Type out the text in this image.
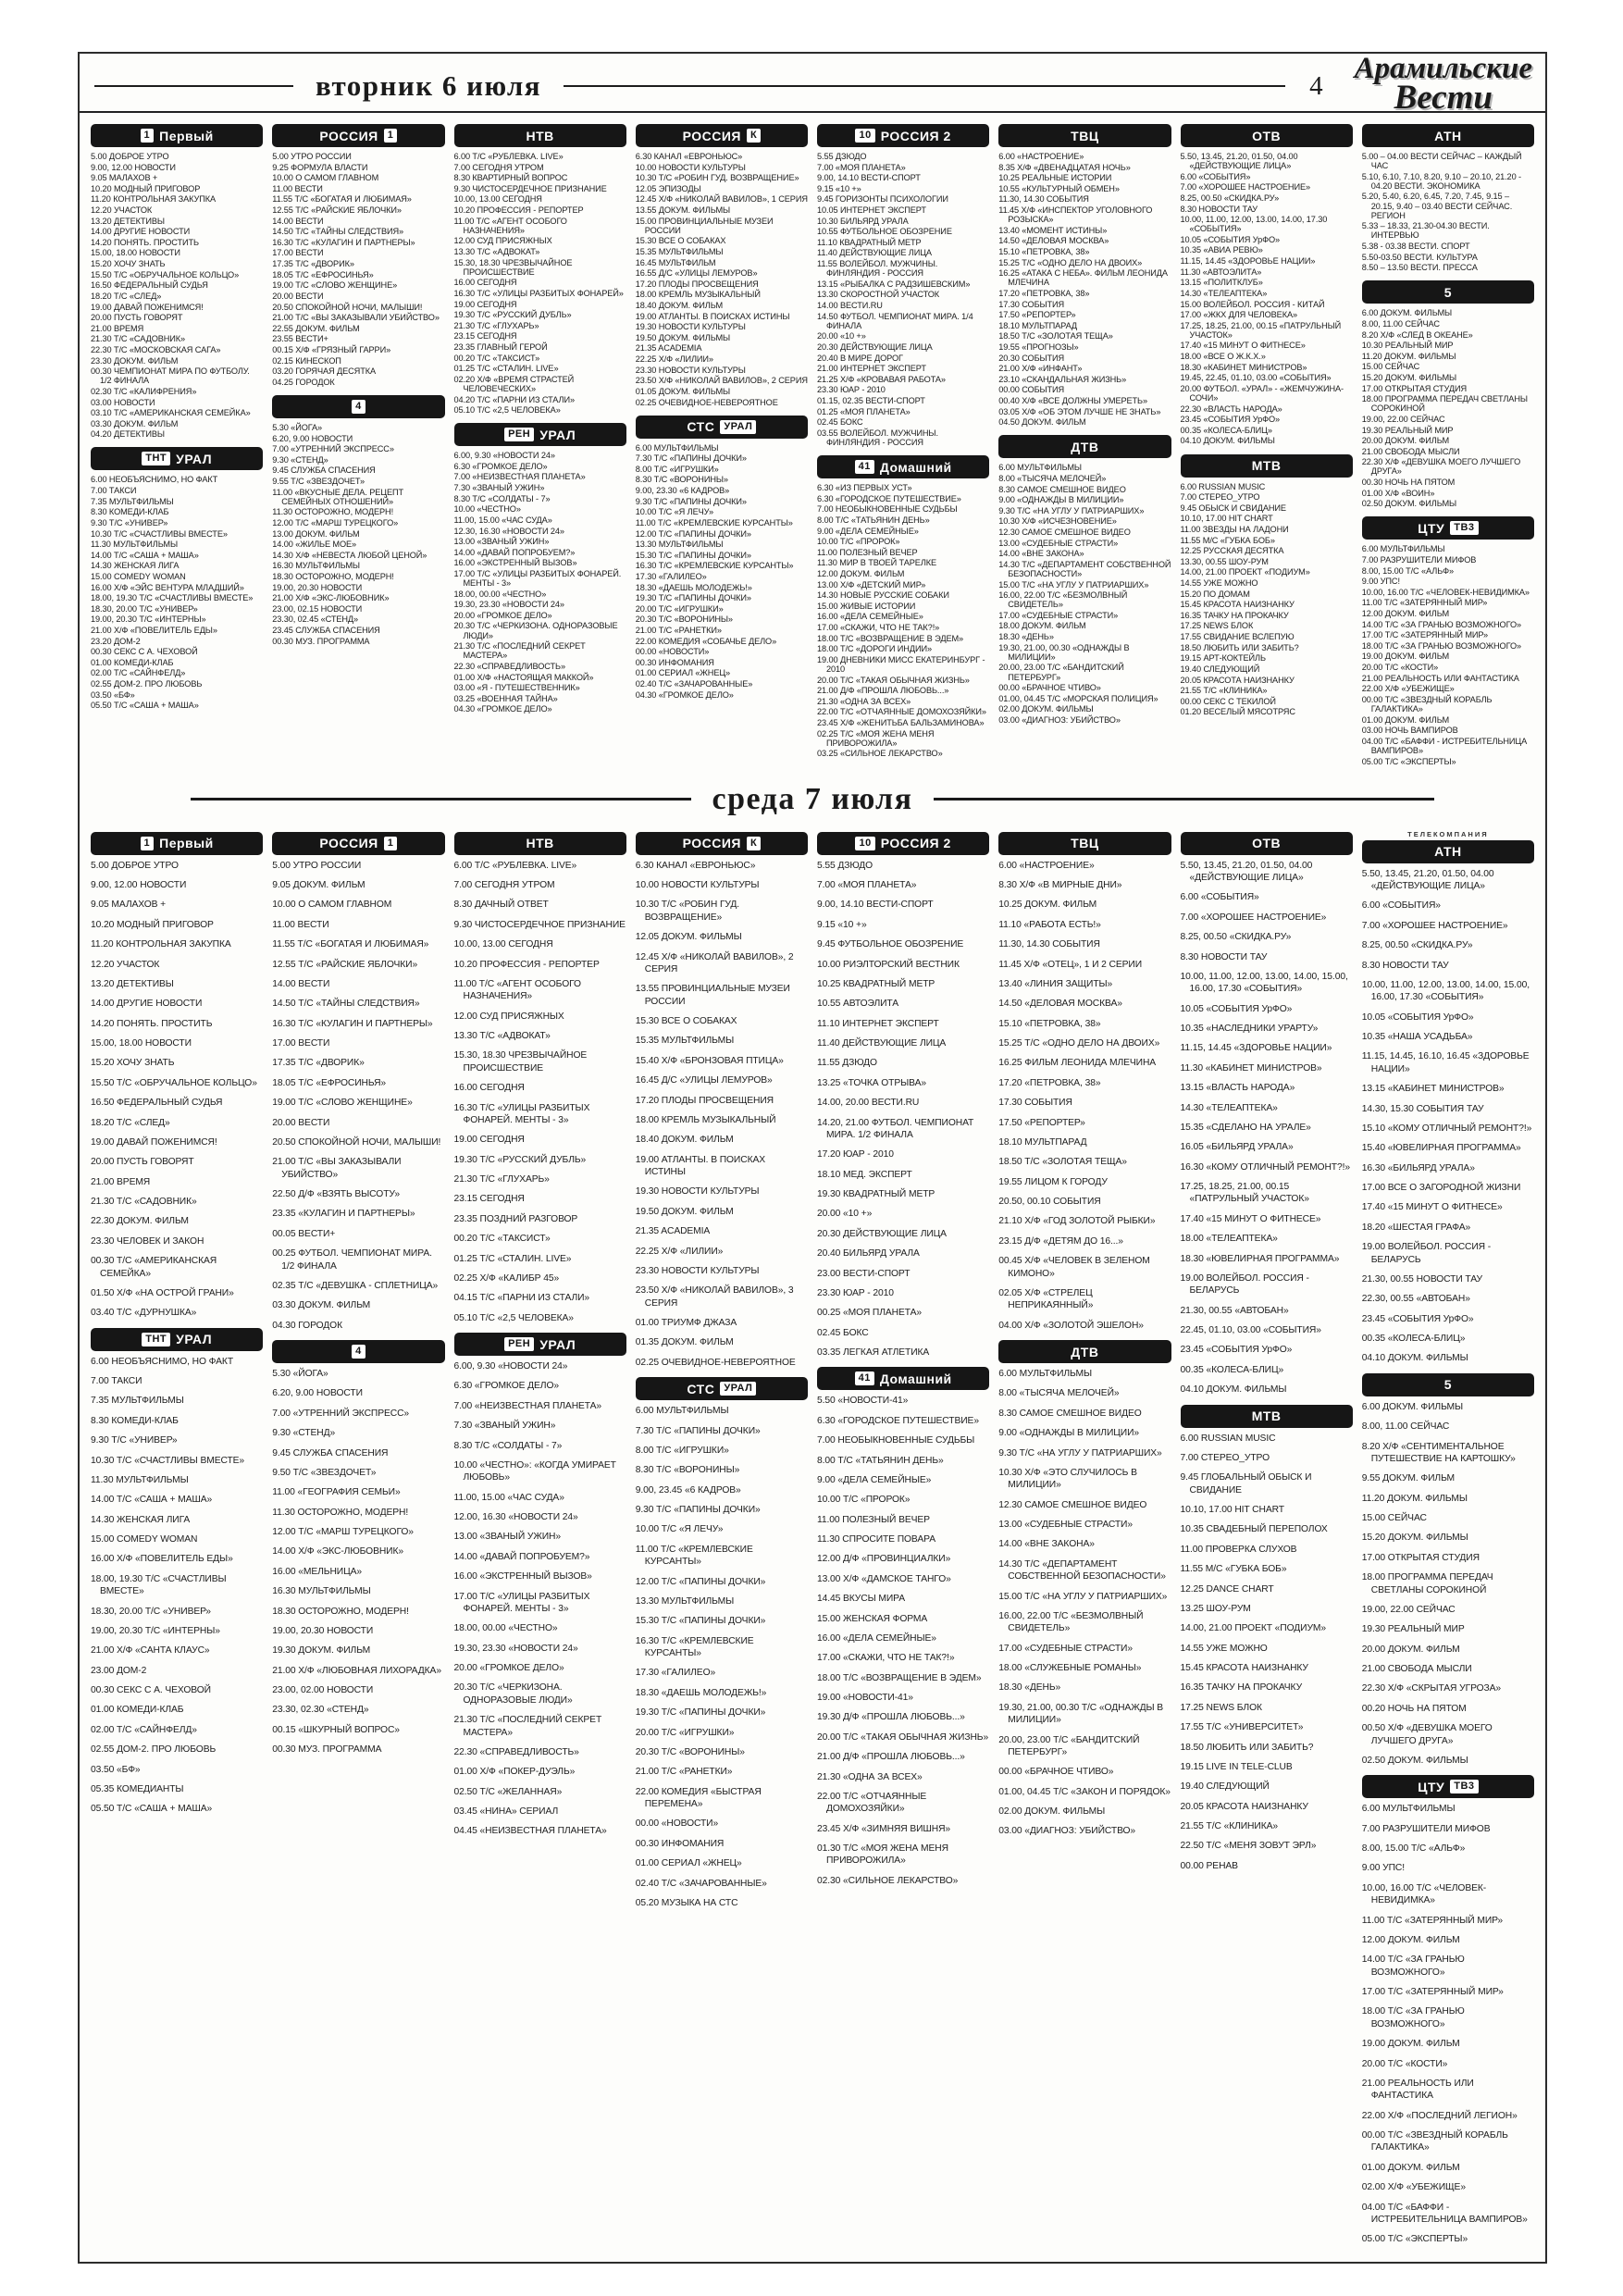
вторник 6 июля	4
Арамильские
Вести
1 Первый
5.00 ДОБРОЕ УТРО
9.00, 12.00 НОВОСТИ
9.05 МАЛАХОВ +
10.20 МОДНЫЙ ПРИГОВОР
11.20 КОНТРОЛЬНАЯ ЗАКУПКА
12.20 УЧАСТОК
13.20 ДЕТЕКТИВЫ
14.00 ДРУГИЕ НОВОСТИ
14.20 ПОНЯТЬ. ПРОСТИТЬ
15.00, 18.00 НОВОСТИ
15.20 ХОЧУ ЗНАТЬ
15.50 Т/С «ОБРУЧАЛЬНОЕ КОЛЬЦО»
16.50 ФЕДЕРАЛЬНЫЙ СУДЬЯ
18.20 Т/С «СЛЕД»
19.00 ДАВАЙ ПОЖЕНИМСЯ!
20.00 ПУСТЬ ГОВОРЯТ
21.00 ВРЕМЯ
21.30 Т/С «САДОВНИК»
22.30 Т/С «МОСКОВСКАЯ САГА»
23.30 ДОКУМ. ФИЛЬМ
00.30 ЧЕМПИОНАТ МИРА ПО ФУТБОЛУ. 1/2 ФИНАЛА
02.30 Т/С «КАЛИФРЕНИЯ»
03.00 НОВОСТИ
03.10 Т/С «АМЕРИКАНСКАЯ СЕМЕЙКА»
03.30 ДОКУМ. ФИЛЬМ
04.20 ДЕТЕКТИВЫ
ТНТ УРАЛ
6.00 НЕОБЪЯСНИМО, НО ФАКТ
7.00 ТАКСИ
7.35 МУЛЬТФИЛЬМЫ
8.30 КОМЕДИ-КЛАБ
9.30 Т/С «УНИВЕР»
10.30 Т/С «СЧАСТЛИВЫ ВМЕСТЕ»
11.30 МУЛЬТФИЛЬМЫ
14.00 Т/С «САША + МАША»
14.30 ЖЕНСКАЯ ЛИГА
15.00 COMEDY WOMAN
16.00 Х/Ф «ЭЙС ВЕНТУРА МЛАДШИЙ»
18.00, 19.30 Т/С «СЧАСТЛИВЫ ВМЕСТЕ»
18.30, 20.00 Т/С «УНИВЕР»
19.00, 20.30 Т/С «ИНТЕРНЫ»
21.00 Х/Ф «ПОВЕЛИТЕЛЬ ЕДЫ»
23.20 ДОМ-2
00.30 СЕКС С А. ЧЕХОВОЙ
01.00 КОМЕДИ-КЛАБ
02.00 Т/С «САЙНФЕЛД»
02.55 ДОМ-2. ПРО ЛЮБОВЬ
03.50 «БФ»
05.50 Т/С «САША + МАША»
РОССИЯ 1
5.00 УТРО РОССИИ
9.25 ФОРМУЛА ВЛАСТИ
10.00 О САМОМ ГЛАВНОМ
11.00 ВЕСТИ
11.55 Т/С «БОГАТАЯ И ЛЮБИМАЯ»
12.55 Т/С «РАЙСКИЕ ЯБЛОЧКИ»
14.00 ВЕСТИ
14.50 Т/С «ТАЙНЫ СЛЕДСТВИЯ»
16.30 Т/С «КУЛАГИН И ПАРТНЕРЫ»
17.00 ВЕСТИ
17.35 Т/С «ДВОРИК»
18.05 Т/С «ЕФРОСИНЬЯ»
19.00 Т/С «СЛОВО ЖЕНЩИНЕ»
20.00 ВЕСТИ
20.50 СПОКОЙНОЙ НОЧИ, МАЛЫШИ!
21.00 Т/С «ВЫ ЗАКАЗЫВАЛИ УБИЙСТВО»
22.55 ДОКУМ. ФИЛЬМ
23.55 ВЕСТИ+
00.15 Х/Ф «ГРЯЗНЫЙ ГАРРИ»
02.15 КИНЕСКОП
03.20 ГОРЯЧАЯ ДЕСЯТКА
04.25 ГОРОДОК
4
5.30 «ЙОГА»
6.20, 9.00 НОВОСТИ
7.00 «УТРЕННИЙ ЭКСПРЕСС»
9.30 «СТЕНД»
9.45 СЛУЖБА СПАСЕНИЯ
9.55 Т/С «ЗВЕЗДОЧЕТ»
11.00 «ВКУСНЫЕ ДЕЛА. РЕЦЕПТ СЕМЕЙНЫХ ОТНОШЕНИЙ»
11.30 ОСТОРОЖНО, МОДЕРН!
12.00 Т/С «МАРШ ТУРЕЦКОГО»
13.00 ДОКУМ. ФИЛЬМ
14.00 «ЖИЛЬЕ МОЕ»
14.30 Х/Ф «НЕВЕСТА ЛЮБОЙ ЦЕНОЙ»
16.30 МУЛЬТФИЛЬМЫ
18.30 ОСТОРОЖНО, МОДЕРН!
19.00, 20.30 НОВОСТИ
21.00 Х/Ф «ЭКС-ЛЮБОВНИК»
23.00, 02.15 НОВОСТИ
23.30, 02.45 «СТЕНД»
23.45 СЛУЖБА СПАСЕНИЯ
00.30 МУЗ. ПРОГРАММА
НТВ
6.00 Т/С «РУБЛЕВКА. LIVE»
7.00 СЕГОДНЯ УТРОМ
8.30 КВАРТИРНЫЙ ВОПРОС
9.30 ЧИСТОСЕРДЕЧНОЕ ПРИЗНАНИЕ
10.00, 13.00 СЕГОДНЯ
10.20 ПРОФЕССИЯ - РЕПОРТЕР
11.00 Т/С «АГЕНТ ОСОБОГО НАЗНАЧЕНИЯ»
12.00 СУД ПРИСЯЖНЫХ
13.30 Т/С «АДВОКАТ»
15.30, 18.30 ЧРЕЗВЫЧАЙНОЕ ПРОИСШЕСТВИЕ
16.00 СЕГОДНЯ
16.30 Т/С «УЛИЦЫ РАЗБИТЫХ ФОНАРЕЙ»
19.00 СЕГОДНЯ
19.30 Т/С «РУССКИЙ ДУБЛЬ»
21.30 Т/С «ГЛУХАРЬ»
23.15 СЕГОДНЯ
23.35 ГЛАВНЫЙ ГЕРОЙ
00.20 Т/С «ТАКСИСТ»
01.25 Т/С «СТАЛИН. LIVE»
02.20 Х/Ф «ВРЕМЯ СТРАСТЕЙ ЧЕЛОВЕЧЕСКИХ»
04.20 Т/С «ПАРНИ ИЗ СТАЛИ»
05.10 Т/С «2,5 ЧЕЛОВЕКА»
РЕН УРАЛ
6.00, 9.30 «НОВОСТИ 24»
6.30 «ГРОМКОЕ ДЕЛО»
7.00 «НЕИЗВЕСТНАЯ ПЛАНЕТА»
7.30 «ЗВАНЫЙ УЖИН»
8.30 Т/С «СОЛДАТЫ - 7»
10.00 «ЧЕСТНО»
11.00, 15.00 «ЧАС СУДА»
12.30, 16.30 «НОВОСТИ 24»
13.00 «ЗВАНЫЙ УЖИН»
14.00 «ДАВАЙ ПОПРОБУЕМ?»
16.00 «ЭКСТРЕННЫЙ ВЫЗОВ»
17.00 Т/С «УЛИЦЫ РАЗБИТЫХ ФОНАРЕЙ. МЕНТЫ - 3»
18.00, 00.00 «ЧЕСТНО»
19.30, 23.30 «НОВОСТИ 24»
20.00 «ГРОМКОЕ ДЕЛО»
20.30 Т/С «ЧЕРКИЗОНА. ОДНОРАЗОВЫЕ ЛЮДИ»
21.30 Т/С «ПОСЛЕДНИЙ СЕКРЕТ МАСТЕРА»
22.30 «СПРАВЕДЛИВОСТЬ»
01.00 Х/Ф «НАСТОЯЩАЯ МАККОЙ»
03.00 «Я - ПУТЕШЕСТВЕННИК»
03.25 «ВОЕННАЯ ТАЙНА»
04.30 «ГРОМКОЕ ДЕЛО»
РОССИЯ К
6.30 КАНАЛ «ЕВРОНЬЮС»
10.00 НОВОСТИ КУЛЬТУРЫ
10.30 Т/С «РОБИН ГУД. ВОЗВРАЩЕНИЕ»
12.05 ЭПИЗОДЫ
12.45 Х/Ф «НИКОЛАЙ ВАВИЛОВ», 1 СЕРИЯ
13.55 ДОКУМ. ФИЛЬМЫ
15.00 ПРОВИНЦИАЛЬНЫЕ МУЗЕИ РОССИИ
15.30 ВСЕ О СОБАКАХ
15.35 МУЛЬТФИЛЬМЫ
16.45 МУЛЬТФИЛЬМ
16.55 Д/С «УЛИЦЫ ЛЕМУРОВ»
17.20 ПЛОДЫ ПРОСВЕЩЕНИЯ
18.00 КРЕМЛЬ МУЗЫКАЛЬНЫЙ
18.40 ДОКУМ. ФИЛЬМ
19.00 АТЛАНТЫ. В ПОИСКАХ ИСТИНЫ
19.30 НОВОСТИ КУЛЬТУРЫ
19.50 ДОКУМ. ФИЛЬМЫ
21.35 ACADEMIA
22.25 Х/Ф «ЛИЛИИ»
23.30 НОВОСТИ КУЛЬТУРЫ
23.50 Х/Ф «НИКОЛАЙ ВАВИЛОВ», 2 СЕРИЯ
01.05 ДОКУМ. ФИЛЬМЫ
02.25 ОЧЕВИДНОЕ-НЕВЕРОЯТНОЕ
СТС УРАЛ
6.00 МУЛЬТФИЛЬМЫ
7.30 Т/С «ПАПИНЫ ДОЧКИ»
8.00 Т/С «ИГРУШКИ»
8.30 Т/С «ВОРОНИНЫ»
9.00, 23.30 «6 КАДРОВ»
9.30 Т/С «ПАПИНЫ ДОЧКИ»
10.00 Т/С «Я ЛЕЧУ»
11.00 Т/С «КРЕМЛЕВСКИЕ КУРСАНТЫ»
12.00 Т/С «ПАПИНЫ ДОЧКИ»
13.30 МУЛЬТФИЛЬМЫ
15.30 Т/С «ПАПИНЫ ДОЧКИ»
16.30 Т/С «КРЕМЛЕВСКИЕ КУРСАНТЫ»
17.30 «ГАЛИЛЕО»
18.30 «ДАЕШЬ МОЛОДЕЖЬ!»
19.30 Т/С «ПАПИНЫ ДОЧКИ»
20.00 Т/С «ИГРУШКИ»
20.30 Т/С «ВОРОНИНЫ»
21.00 Т/С «РАНЕТКИ»
22.00 КОМЕДИЯ «СОБАЧЬЕ ДЕЛО»
00.00 «НОВОСТИ»
00.30 ИНФОМАНИЯ
01.00 СЕРИАЛ «ЖНЕЦ»
02.40 Т/С «ЗАЧАРОВАННЫЕ»
04.30 «ГРОМКОЕ ДЕЛО»
10 РОССИЯ 2
5.55 ДЗЮДО
7.00 «МОЯ ПЛАНЕТА»
9.00, 14.10 ВЕСТИ-СПОРТ
9.15 «10 +»
9.45 ГОРИЗОНТЫ ПСИХОЛОГИИ
10.05 ИНТЕРНЕТ ЭКСПЕРТ
10.30 БИЛЬЯРД УРАЛА
10.55 ФУТБОЛЬНОЕ ОБОЗРЕНИЕ
11.10 КВАДРАТНЫЙ МЕТР
11.40 ДЕЙСТВУЮЩИЕ ЛИЦА
11.55 ВОЛЕЙБОЛ. МУЖЧИНЫ. ФИНЛЯНДИЯ - РОССИЯ
13.15 «РЫБАЛКА С РАДЗИШЕВСКИМ»
13.30 СКОРОСТНОЙ УЧАСТОК
14.00 ВЕСТИ.RU
14.50 ФУТБОЛ. ЧЕМПИОНАТ МИРА. 1/4 ФИНАЛА
20.00 «10 +»
20.30 ДЕЙСТВУЮЩИЕ ЛИЦА
20.40 В МИРЕ ДОРОГ
21.00 ИНТЕРНЕТ ЭКСПЕРТ
21.25 Х/Ф «КРОВАВАЯ РАБОТА»
23.30 ЮАР - 2010
01.15, 02.35 ВЕСТИ-СПОРТ
01.25 «МОЯ ПЛАНЕТА»
02.45 БОКС
03.55 ВОЛЕЙБОЛ. МУЖЧИНЫ. ФИНЛЯНДИЯ - РОССИЯ
41 Домашний
6.30 «ИЗ ПЕРВЫХ УСТ»
6.30 «ГОРОДСКОЕ ПУТЕШЕСТВИЕ»
7.00 НЕОБЫКНОВЕННЫЕ СУДЬБЫ
8.00 Т/С «ТАТЬЯНИН ДЕНЬ»
9.00 «ДЕЛА СЕМЕЙНЫЕ»
10.00 Т/С «ПРОРОК»
11.00 ПОЛЕЗНЫЙ ВЕЧЕР
11.30 МИР В ТВОЕЙ ТАРЕЛКЕ
12.00 ДОКУМ. ФИЛЬМ
13.00 Х/Ф «ДЕТСКИЙ МИР»
14.30 НОВЫЕ РУССКИЕ СОБАКИ
15.00 ЖИВЫЕ ИСТОРИИ
16.00 «ДЕЛА СЕМЕЙНЫЕ»
17.00 «СКАЖИ, ЧТО НЕ ТАК?!»
18.00 Т/С «ВОЗВРАЩЕНИЕ В ЭДЕМ»
18.00 Т/С «ДОРОГИ ИНДИИ»
19.00 ДНЕВНИКИ МИСС ЕКАТЕРИНБУРГ - 2010
20.00 Т/С «ТАКАЯ ОБЫЧНАЯ ЖИЗНЬ»
21.00 Д/Ф «ПРОШЛА ЛЮБОВЬ...»
21.30 «ОДНА ЗА ВСЕХ»
22.00 Т/С «ОТЧАЯННЫЕ ДОМОХОЗЯЙКИ»
23.45 Х/Ф «ЖЕНИТЬБА БАЛЬЗАМИНОВА»
02.25 Т/С «МОЯ ЖЕНА МЕНЯ ПРИВОРОЖИЛА»
03.25 «СИЛЬНОЕ ЛЕКАРСТВО»
ТВЦ
6.00 «НАСТРОЕНИЕ»
8.35 Х/Ф «ДВЕНАДЦАТАЯ НОЧЬ»
10.25 РЕАЛЬНЫЕ ИСТОРИИ
10.55 «КУЛЬТУРНЫЙ ОБМЕН»
11.30, 14.30 СОБЫТИЯ
11.45 Х/Ф «ИНСПЕКТОР УГОЛОВНОГО РОЗЫСКА»
13.40 «МОМЕНТ ИСТИНЫ»
14.50 «ДЕЛОВАЯ МОСКВА»
15.10 «ПЕТРОВКА, 38»
15.25 Т/С «ОДНО ДЕЛО НА ДВОИХ»
16.25 «АТАКА С НЕБА». ФИЛЬМ ЛЕОНИДА МЛЕЧИНА
17.20 «ПЕТРОВКА, 38»
17.30 СОБЫТИЯ
17.50 «РЕПОРТЕР»
18.10 МУЛЬТПАРАД
18.50 Т/С «ЗОЛОТАЯ ТЕЩА»
19.55 «ПРОГНОЗЫ»
20.30 СОБЫТИЯ
21.00 Х/Ф «ИНФАНТ»
23.10 «СКАНДАЛЬНАЯ ЖИЗНЬ»
00.00 СОБЫТИЯ
00.40 Х/Ф «ВСЕ ДОЛЖНЫ УМЕРЕТЬ»
03.05 Х/Ф «ОБ ЭТОМ ЛУЧШЕ НЕ ЗНАТЬ»
04.50 ДОКУМ. ФИЛЬМ
ДТВ
6.00 МУЛЬТФИЛЬМЫ
8.00 «ТЫСЯЧА МЕЛОЧЕЙ»
8.30 САМОЕ СМЕШНОЕ ВИДЕО
9.00 «ОДНАЖДЫ В МИЛИЦИИ»
9.30 Т/С «НА УГЛУ У ПАТРИАРШИХ»
10.30 Х/Ф «ИСЧЕЗНОВЕНИЕ»
12.30 САМОЕ СМЕШНОЕ ВИДЕО
13.00 «СУДЕБНЫЕ СТРАСТИ»
14.00 «ВНЕ ЗАКОНА»
14.30 Т/С «ДЕПАРТАМЕНТ СОБСТВЕННОЙ БЕЗОПАСНОСТИ»
15.00 Т/С «НА УГЛУ У ПАТРИАРШИХ»
16.00, 22.00 Т/С «БЕЗМОЛВНЫЙ СВИДЕТЕЛЬ»
17.00 «СУДЕБНЫЕ СТРАСТИ»
18.00 ДОКУМ. ФИЛЬМ
18.30 «ДЕНЬ»
19.30, 21.00, 00.30 «ОДНАЖДЫ В МИЛИЦИИ»
20.00, 23.00 Т/С «БАНДИТСКИЙ ПЕТЕРБУРГ»
00.00 «БРАЧНОЕ ЧТИВО»
01.00, 04.45 Т/С «МОРСКАЯ ПОЛИЦИЯ»
02.00 ДОКУМ. ФИЛЬМЫ
03.00 «ДИАГНОЗ: УБИЙСТВО»
ОТВ
5.50, 13.45, 21.20, 01.50, 04.00 «ДЕЙСТВУЮЩИЕ ЛИЦА»
6.00 «СОБЫТИЯ»
7.00 «ХОРОШЕЕ НАСТРОЕНИЕ»
8.25, 00.50 «СКИДКА.РУ»
8.30 НОВОСТИ ТАУ
10.00, 11.00, 12.00, 13.00, 14.00, 17.30 «СОБЫТИЯ»
10.05 «СОБЫТИЯ УрФО»
10.35 «АВИА РЕВЮ»
11.15, 14.45 «ЗДОРОВЬЕ НАЦИИ»
11.30 «АВТОЭЛИТА»
13.15 «ПОЛИТКЛУБ»
14.30 «ТЕЛЕАПТЕКА»
15.00 ВОЛЕЙБОЛ. РОССИЯ - КИТАЙ
17.00 «ЖКХ ДЛЯ ЧЕЛОВЕКА»
17.25, 18.25, 21.00, 00.15 «ПАТРУЛЬНЫЙ УЧАСТОК»
17.40 «15 МИНУТ О ФИТНЕСЕ»
18.00 «ВСЕ О Ж.К.Х.»
18.30 «КАБИНЕТ МИНИСТРОВ»
19.45, 22.45, 01.10, 03.00 «СОБЫТИЯ»
20.00 ФУТБОЛ. «УРАЛ» - «ЖЕМЧУЖИНА-СОЧИ»
22.30 «ВЛАСТЬ НАРОДА»
23.45 «СОБЫТИЯ УрФО»
00.35 «КОЛЕСА-БЛИЦ»
04.10 ДОКУМ. ФИЛЬМЫ
МТВ
6.00 RUSSIAN MUSIC
7.00 СТЕРЕО_УТРО
9.45 ОБЫСК И СВИДАНИЕ
10.10, 17.00 HIT CHART
11.00 ЗВЕЗДЫ НА ЛАДОНИ
11.55 М/С «ГУБКА БОБ»
12.25 РУССКАЯ ДЕСЯТКА
13.30, 00.55 ШОУ-РУМ
14.00, 21.00 ПРОЕКТ «ПОДИУМ»
14.55 УЖЕ МОЖНО
15.20 ПО ДОМАМ
15.45 КРАСОТА НАИЗНАНКУ
16.35 ТАЧКУ НА ПРОКАЧКУ
17.25 NEWS БЛОК
17.55 СВИДАНИЕ ВСЛЕПУЮ
18.50 ЛЮБИТЬ ИЛИ ЗАБИТЬ?
19.15 АРТ-КОКТЕЙЛЬ
19.40 СЛЕДУЮЩИЙ
20.05 КРАСОТА НАИЗНАНКУ
21.55 Т/С «КЛИНИКА»
00.00 СЕКС С ТЕКИЛОЙ
01.20 ВЕСЕЛЫЙ МЯСОТРЯС
АТН
5.00 – 04.00 ВЕСТИ СЕЙЧАС – КАЖДЫЙ ЧАС
5.10, 6.10, 7.10, 8.20, 9.10 – 20.10, 21.20 - 04.20 ВЕСТИ. ЭКОНОМИКА
5.20, 5.40, 6.20, 6.45, 7.20, 7.45, 9.15 – 20.15, 9.40 – 03.40 ВЕСТИ СЕЙЧАС. РЕГИОН
5.33 – 18.33, 21.30-04.30 ВЕСТИ. ИНТЕРВЬЮ
5.38 - 03.38 ВЕСТИ. СПОРТ
5.50-03.50 ВЕСТИ. КУЛЬТУРА
8.50 – 13.50 ВЕСТИ. ПРЕССА
5
6.00 ДОКУМ. ФИЛЬМЫ
8.00, 11.00 СЕЙЧАС
8.20 Х/Ф «СЛЕД В ОКЕАНЕ»
10.30 РЕАЛЬНЫЙ МИР
11.20 ДОКУМ. ФИЛЬМЫ
15.00 СЕЙЧАС
15.20 ДОКУМ. ФИЛЬМЫ
17.00 ОТКРЫТАЯ СТУДИЯ
18.00 ПРОГРАММА ПЕРЕДАЧ СВЕТЛАНЫ СОРОКИНОЙ
19.00, 22.00 СЕЙЧАС
19.30 РЕАЛЬНЫЙ МИР
20.00 ДОКУМ. ФИЛЬМ
21.00 СВОБОДА МЫСЛИ
22.30 Х/Ф «ДЕВУШКА МОЕГО ЛУЧШЕГО ДРУГА»
00.30 НОЧЬ НА ПЯТОМ
01.00 Х/Ф «ВОИН»
02.50 ДОКУМ. ФИЛЬМЫ
ЦТУ ТВ3
6.00 МУЛЬТФИЛЬМЫ
7.00 РАЗРУШИТЕЛИ МИФОВ
8.00, 15.00 Т/С «АЛЬФ»
9.00 УПС!
10.00, 16.00 Т/С «ЧЕЛОВЕК-НЕВИДИМКА»
11.00 Т/С «ЗАТЕРЯННЫЙ МИР»
12.00 ДОКУМ. ФИЛЬМ
14.00 Т/С «ЗА ГРАНЬЮ ВОЗМОЖНОГО»
17.00 Т/С «ЗАТЕРЯННЫЙ МИР»
18.00 Т/С «ЗА ГРАНЬЮ ВОЗМОЖНОГО»
19.00 ДОКУМ. ФИЛЬМ
20.00 Т/С «КОСТИ»
21.00 РЕАЛЬНОСТЬ ИЛИ ФАНТАСТИКА
22.00 Х/Ф «УБЕЖИЩЕ»
00.00 Т/С «ЗВЕЗДНЫЙ КОРАБЛЬ ГАЛАКТИКА»
01.00 ДОКУМ. ФИЛЬМ
03.00 НОЧЬ ВАМПИРОВ
04.00 Т/С «БАФФИ - ИСТРЕБИТЕЛЬНИЦА ВАМПИРОВ»
05.00 Т/С «ЭКСПЕРТЫ»
среда 7 июля
1 Первый
5.00 ДОБРОЕ УТРО
9.00, 12.00 НОВОСТИ
9.05 МАЛАХОВ +
10.20 МОДНЫЙ ПРИГОВОР
11.20 КОНТРОЛЬНАЯ ЗАКУПКА
12.20 УЧАСТОК
13.20 ДЕТЕКТИВЫ
14.00 ДРУГИЕ НОВОСТИ
14.20 ПОНЯТЬ. ПРОСТИТЬ
15.00, 18.00 НОВОСТИ
15.20 ХОЧУ ЗНАТЬ
15.50 Т/С «ОБРУЧАЛЬНОЕ КОЛЬЦО»
16.50 ФЕДЕРАЛЬНЫЙ СУДЬЯ
18.20 Т/С «СЛЕД»
19.00 ДАВАЙ ПОЖЕНИМСЯ!
20.00 ПУСТЬ ГОВОРЯТ
21.00 ВРЕМЯ
21.30 Т/С «САДОВНИК»
22.30 ДОКУМ. ФИЛЬМ
23.30 ЧЕЛОВЕК И ЗАКОН
00.30 Т/С «АМЕРИКАНСКАЯ СЕМЕЙКА»
01.50 Х/Ф «НА ОСТРОЙ ГРАНИ»
03.40 Т/С «ДУРНУШКА»
ТНТ УРАЛ
6.00 НЕОБЪЯСНИМО, НО ФАКТ
7.00 ТАКСИ
7.35 МУЛЬТФИЛЬМЫ
8.30 КОМЕДИ-КЛАБ
9.30 Т/С «УНИВЕР»
10.30 Т/С «СЧАСТЛИВЫ ВМЕСТЕ»
11.30 МУЛЬТФИЛЬМЫ
14.00 Т/С «САША + МАША»
14.30 ЖЕНСКАЯ ЛИГА
15.00 COMEDY WOMAN
16.00 Х/Ф «ПОВЕЛИТЕЛЬ ЕДЫ»
18.00, 19.30 Т/С «СЧАСТЛИВЫ ВМЕСТЕ»
18.30, 20.00 Т/С «УНИВЕР»
19.00, 20.30 Т/С «ИНТЕРНЫ»
21.00 Х/Ф «САНТА КЛАУС»
23.00 ДОМ-2
00.30 СЕКС С А. ЧЕХОВОЙ
01.00 КОМЕДИ-КЛАБ
02.00 Т/С «САЙНФЕЛД»
02.55 ДОМ-2. ПРО ЛЮБОВЬ
03.50 «БФ»
05.35 КОМЕДИАНТЫ
05.50 Т/С «САША + МАША»
РОССИЯ 1
5.00 УТРО РОССИИ
9.05 ДОКУМ. ФИЛЬМ
10.00 О САМОМ ГЛАВНОМ
11.00 ВЕСТИ
11.55 Т/С «БОГАТАЯ И ЛЮБИМАЯ»
12.55 Т/С «РАЙСКИЕ ЯБЛОЧКИ»
14.00 ВЕСТИ
14.50 Т/С «ТАЙНЫ СЛЕДСТВИЯ»
16.30 Т/С «КУЛАГИН И ПАРТНЕРЫ»
17.00 ВЕСТИ
17.35 Т/С «ДВОРИК»
18.05 Т/С «ЕФРОСИНЬЯ»
19.00 Т/С «СЛОВО ЖЕНЩИНЕ»
20.00 ВЕСТИ
20.50 СПОКОЙНОЙ НОЧИ, МАЛЫШИ!
21.00 Т/С «ВЫ ЗАКАЗЫВАЛИ УБИЙСТВО»
22.50 Д/Ф «ВЗЯТЬ ВЫСОТУ»
23.35 «КУЛАГИН И ПАРТНЕРЫ»
00.05 ВЕСТИ+
00.25 ФУТБОЛ. ЧЕМПИОНАТ МИРА. 1/2 ФИНАЛА
02.35 Т/С «ДЕВУШКА - СПЛЕТНИЦА»
03.30 ДОКУМ. ФИЛЬМ
04.30 ГОРОДОК
4
5.30 «ЙОГА»
6.20, 9.00 НОВОСТИ
7.00 «УТРЕННИЙ ЭКСПРЕСС»
9.30 «СТЕНД»
9.45 СЛУЖБА СПАСЕНИЯ
9.50 Т/С «ЗВЕЗДОЧЕТ»
11.00 «ГЕОГРАФИЯ СЕМЬИ»
11.30 ОСТОРОЖНО, МОДЕРН!
12.00 Т/С «МАРШ ТУРЕЦКОГО»
14.00 Х/Ф «ЭКС-ЛЮБОВНИК»
16.00 «МЕЛЬНИЦА»
16.30 МУЛЬТФИЛЬМЫ
18.30 ОСТОРОЖНО, МОДЕРН!
19.00, 20.30 НОВОСТИ
19.30 ДОКУМ. ФИЛЬМ
21.00 Х/Ф «ЛЮБОВНАЯ ЛИХОРАДКА»
23.00, 02.00 НОВОСТИ
23.30, 02.30 «СТЕНД»
00.15 «ШКУРНЫЙ ВОПРОС»
00.30 МУЗ. ПРОГРАММА
НТВ
6.00 Т/С «РУБЛЕВКА. LIVE»
7.00 СЕГОДНЯ УТРОМ
8.30 ДАЧНЫЙ ОТВЕТ
9.30 ЧИСТОСЕРДЕЧНОЕ ПРИЗНАНИЕ
10.00, 13.00 СЕГОДНЯ
10.20 ПРОФЕССИЯ - РЕПОРТЕР
11.00 Т/С «АГЕНТ ОСОБОГО НАЗНАЧЕНИЯ»
12.00 СУД ПРИСЯЖНЫХ
13.30 Т/С «АДВОКАТ»
15.30, 18.30 ЧРЕЗВЫЧАЙНОЕ ПРОИСШЕСТВИЕ
16.00 СЕГОДНЯ
16.30 Т/С «УЛИЦЫ РАЗБИТЫХ ФОНАРЕЙ. МЕНТЫ - 3»
19.00 СЕГОДНЯ
19.30 Т/С «РУССКИЙ ДУБЛЬ»
21.30 Т/С «ГЛУХАРЬ»
23.15 СЕГОДНЯ
23.35 ПОЗДНИЙ РАЗГОВОР
00.20 Т/С «ТАКСИСТ»
01.25 Т/С «СТАЛИН. LIVE»
02.25 Х/Ф «КАЛИБР 45»
04.15 Т/С «ПАРНИ ИЗ СТАЛИ»
05.10 Т/С «2,5 ЧЕЛОВЕКА»
РЕН УРАЛ
6.00, 9.30 «НОВОСТИ 24»
6.30 «ГРОМКОЕ ДЕЛО»
7.00 «НЕИЗВЕСТНАЯ ПЛАНЕТА»
7.30 «ЗВАНЫЙ УЖИН»
8.30 Т/С «СОЛДАТЫ - 7»
10.00 «ЧЕСТНО»: «КОГДА УМИРАЕТ ЛЮБОВЬ»
11.00, 15.00 «ЧАС СУДА»
12.00, 16.30 «НОВОСТИ 24»
13.00 «ЗВАНЫЙ УЖИН»
14.00 «ДАВАЙ ПОПРОБУЕМ?»
16.00 «ЭКСТРЕННЫЙ ВЫЗОВ»
17.00 Т/С «УЛИЦЫ РАЗБИТЫХ ФОНАРЕЙ. МЕНТЫ - 3»
18.00, 00.00 «ЧЕСТНО»
19.30, 23.30 «НОВОСТИ 24»
20.00 «ГРОМКОЕ ДЕЛО»
20.30 Т/С «ЧЕРКИЗОНА. ОДНОРАЗОВЫЕ ЛЮДИ»
21.30 Т/С «ПОСЛЕДНИЙ СЕКРЕТ МАСТЕРА»
22.30 «СПРАВЕДЛИВОСТЬ»
01.00 Х/Ф «ПОКЕР-ДУЭЛЬ»
02.50 Т/С «ЖЕЛАННАЯ»
03.45 «НИНА» СЕРИАЛ
04.45 «НЕИЗВЕСТНАЯ ПЛАНЕТА»
РОССИЯ К
6.30 КАНАЛ «ЕВРОНЬЮС»
10.00 НОВОСТИ КУЛЬТУРЫ
10.30 Т/С «РОБИН ГУД. ВОЗВРАЩЕНИЕ»
12.05 ДОКУМ. ФИЛЬМЫ
12.45 Х/Ф «НИКОЛАЙ ВАВИЛОВ», 2 СЕРИЯ
13.55 ПРОВИНЦИАЛЬНЫЕ МУЗЕИ РОССИИ
15.30 ВСЕ О СОБАКАХ
15.35 МУЛЬТФИЛЬМЫ
15.40 Х/Ф «БРОНЗОВАЯ ПТИЦА»
16.45 Д/С «УЛИЦЫ ЛЕМУРОВ»
17.20 ПЛОДЫ ПРОСВЕЩЕНИЯ
18.00 КРЕМЛЬ МУЗЫКАЛЬНЫЙ
18.40 ДОКУМ. ФИЛЬМ
19.00 АТЛАНТЫ. В ПОИСКАХ ИСТИНЫ
19.30 НОВОСТИ КУЛЬТУРЫ
19.50 ДОКУМ. ФИЛЬМ
21.35 ACADEMIA
22.25 Х/Ф «ЛИЛИИ»
23.30 НОВОСТИ КУЛЬТУРЫ
23.50 Х/Ф «НИКОЛАЙ ВАВИЛОВ», 3 СЕРИЯ
01.00 ТРИУМФ ДЖАЗА
01.35 ДОКУМ. ФИЛЬМ
02.25 ОЧЕВИДНОЕ-НЕВЕРОЯТНОЕ
СТС УРАЛ
6.00 МУЛЬТФИЛЬМЫ
7.30 Т/С «ПАПИНЫ ДОЧКИ»
8.00 Т/С «ИГРУШКИ»
8.30 Т/С «ВОРОНИНЫ»
9.00, 23.45 «6 КАДРОВ»
9.30 Т/С «ПАПИНЫ ДОЧКИ»
10.00 Т/С «Я ЛЕЧУ»
11.00 Т/С «КРЕМЛЕВСКИЕ КУРСАНТЫ»
12.00 Т/С «ПАПИНЫ ДОЧКИ»
13.30 МУЛЬТФИЛЬМЫ
15.30 Т/С «ПАПИНЫ ДОЧКИ»
16.30 Т/С «КРЕМЛЕВСКИЕ КУРСАНТЫ»
17.30 «ГАЛИЛЕО»
18.30 «ДАЕШЬ МОЛОДЕЖЬ!»
19.30 Т/С «ПАПИНЫ ДОЧКИ»
20.00 Т/С «ИГРУШКИ»
20.30 Т/С «ВОРОНИНЫ»
21.00 Т/С «РАНЕТКИ»
22.00 КОМЕДИЯ «БЫСТРАЯ ПЕРЕМЕНА»
00.00 «НОВОСТИ»
00.30 ИНФОМАНИЯ
01.00 СЕРИАЛ «ЖНЕЦ»
02.40 Т/С «ЗАЧАРОВАННЫЕ»
05.20 МУЗЫКА НА СТС
10 РОССИЯ 2
5.55 ДЗЮДО
7.00 «МОЯ ПЛАНЕТА»
9.00, 14.10 ВЕСТИ-СПОРТ
9.15 «10 +»
9.45 ФУТБОЛЬНОЕ ОБОЗРЕНИЕ
10.00 РИЭЛТОРСКИЙ ВЕСТНИК
10.25 КВАДРАТНЫЙ МЕТР
10.55 АВТОЭЛИТА
11.10 ИНТЕРНЕТ ЭКСПЕРТ
11.40 ДЕЙСТВУЮЩИЕ ЛИЦА
11.55 ДЗЮДО
13.25 «ТОЧКА ОТРЫВА»
14.00, 20.00 ВЕСТИ.RU
14.20, 21.00 ФУТБОЛ. ЧЕМПИОНАТ МИРА. 1/2 ФИНАЛА
17.20 ЮАР - 2010
18.10 МЕД. ЭКСПЕРТ
19.30 КВАДРАТНЫЙ МЕТР
20.00 «10 +»
20.30 ДЕЙСТВУЮЩИЕ ЛИЦА
20.40 БИЛЬЯРД УРАЛА
23.00 ВЕСТИ-СПОРТ
23.30 ЮАР - 2010
00.25 «МОЯ ПЛАНЕТА»
02.45 БОКС
03.35 ЛЕГКАЯ АТЛЕТИКА
41 Домашний
5.50 «НОВОСТИ-41»
6.30 «ГОРОДСКОЕ ПУТЕШЕСТВИЕ»
7.00 НЕОБЫКНОВЕННЫЕ СУДЬБЫ
8.00 Т/С «ТАТЬЯНИН ДЕНЬ»
9.00 «ДЕЛА СЕМЕЙНЫЕ»
10.00 Т/С «ПРОРОК»
11.00 ПОЛЕЗНЫЙ ВЕЧЕР
11.30 СПРОСИТЕ ПОВАРА
12.00 Д/Ф «ПРОВИНЦИАЛКИ»
13.00 Х/Ф «ДАМСКОЕ ТАНГО»
14.45 ВКУСЫ МИРА
15.00 ЖЕНСКАЯ ФОРМА
16.00 «ДЕЛА СЕМЕЙНЫЕ»
17.00 «СКАЖИ, ЧТО НЕ ТАК?!»
18.00 Т/С «ВОЗВРАЩЕНИЕ В ЭДЕМ»
19.00 «НОВОСТИ-41»
19.30 Д/Ф «ПРОШЛА ЛЮБОВЬ...»
20.00 Т/С «ТАКАЯ ОБЫЧНАЯ ЖИЗНЬ»
21.00 Д/Ф «ПРОШЛА ЛЮБОВЬ...»
21.30 «ОДНА ЗА ВСЕХ»
22.00 Т/С «ОТЧАЯННЫЕ ДОМОХОЗЯЙКИ»
23.45 Х/Ф «ЗИМНЯЯ ВИШНЯ»
01.30 Т/С «МОЯ ЖЕНА МЕНЯ ПРИВОРОЖИЛА»
02.30 «СИЛЬНОЕ ЛЕКАРСТВО»
ТВЦ
6.00 «НАСТРОЕНИЕ»
8.30 Х/Ф «В МИРНЫЕ ДНИ»
10.25 ДОКУМ. ФИЛЬМ
11.10 «РАБОТА ЕСТЬ!»
11.30, 14.30 СОБЫТИЯ
11.45 Х/Ф «ОТЕЦ», 1 И 2 СЕРИИ
13.40 «ЛИНИЯ ЗАЩИТЫ»
14.50 «ДЕЛОВАЯ МОСКВА»
15.10 «ПЕТРОВКА, 38»
15.25 Т/С «ОДНО ДЕЛО НА ДВОИХ»
16.25 ФИЛЬМ ЛЕОНИДА МЛЕЧИНА
17.20 «ПЕТРОВКА, 38»
17.30 СОБЫТИЯ
17.50 «РЕПОРТЕР»
18.10 МУЛЬТПАРАД
18.50 Т/С «ЗОЛОТАЯ ТЕЩА»
19.55 ЛИЦОМ К ГОРОДУ
20.50, 00.10 СОБЫТИЯ
21.10 Х/Ф «ГОД ЗОЛОТОЙ РЫБКИ»
23.15 Д/Ф «ДЕТЯМ ДО 16...»
00.45 Х/Ф «ЧЕЛОВЕК В ЗЕЛЕНОМ КИМОНО»
02.05 Х/Ф «СТРЕЛЕЦ НЕПРИКАЯННЫЙ»
04.00 Х/Ф «ЗОЛОТОЙ ЭШЕЛОН»
ДТВ
6.00 МУЛЬТФИЛЬМЫ
8.00 «ТЫСЯЧА МЕЛОЧЕЙ»
8.30 САМОЕ СМЕШНОЕ ВИДЕО
9.00 «ОДНАЖДЫ В МИЛИЦИИ»
9.30 Т/С «НА УГЛУ У ПАТРИАРШИХ»
10.30 Х/Ф «ЭТО СЛУЧИЛОСЬ В МИЛИЦИИ»
12.30 САМОЕ СМЕШНОЕ ВИДЕО
13.00 «СУДЕБНЫЕ СТРАСТИ»
14.00 «ВНЕ ЗАКОНА»
14.30 Т/С «ДЕПАРТАМЕНТ СОБСТВЕННОЙ БЕЗОПАСНОСТИ»
15.00 Т/С «НА УГЛУ У ПАТРИАРШИХ»
16.00, 22.00 Т/С «БЕЗМОЛВНЫЙ СВИДЕТЕЛЬ»
17.00 «СУДЕБНЫЕ СТРАСТИ»
18.00 «СЛУЖЕБНЫЕ РОМАНЫ»
18.30 «ДЕНЬ»
19.30, 21.00, 00.30 Т/С «ОДНАЖДЫ В МИЛИЦИИ»
20.00, 23.00 Т/С «БАНДИТСКИЙ ПЕТЕРБУРГ»
00.00 «БРАЧНОЕ ЧТИВО»
01.00, 04.45 Т/С «ЗАКОН И ПОРЯДОК»
02.00 ДОКУМ. ФИЛЬМЫ
03.00 «ДИАГНОЗ: УБИЙСТВО»
ОТВ
5.50, 13.45, 21.20, 01.50, 04.00 «ДЕЙСТВУЮЩИЕ ЛИЦА»
6.00 «СОБЫТИЯ»
7.00 «ХОРОШЕЕ НАСТРОЕНИЕ»
8.25, 00.50 «СКИДКА.РУ»
8.30 НОВОСТИ ТАУ
10.00, 11.00, 12.00, 13.00, 14.00, 15.00, 16.00, 17.30 «СОБЫТИЯ»
10.05 «СОБЫТИЯ УрФО»
10.35 «НАСЛЕДНИКИ УРАРТУ»
11.15, 14.45 «ЗДОРОВЬЕ НАЦИИ»
11.30 «КАБИНЕТ МИНИСТРОВ»
13.15 «ВЛАСТЬ НАРОДА»
14.30 «ТЕЛЕАПТЕКА»
15.35 «СДЕЛАНО НА УРАЛЕ»
16.05 «БИЛЬЯРД УРАЛА»
16.30 «КОМУ ОТЛИЧНЫЙ РЕМОНТ?!»
17.25, 18.25, 21.00, 00.15 «ПАТРУЛЬНЫЙ УЧАСТОК»
17.40 «15 МИНУТ О ФИТНЕСЕ»
18.00 «ТЕЛЕАПТЕКА»
18.30 «ЮВЕЛИРНАЯ ПРОГРАММА»
19.00 ВОЛЕЙБОЛ. РОССИЯ - БЕЛАРУСЬ
21.30, 00.55 «АВТОБАН»
22.45, 01.10, 03.00 «СОБЫТИЯ»
23.45 «СОБЫТИЯ УрФО»
00.35 «КОЛЕСА-БЛИЦ»
04.10 ДОКУМ. ФИЛЬМЫ
МТВ
6.00 RUSSIAN MUSIC
7.00 СТЕРЕО_УТРО
9.45 ГЛОБАЛЬНЫЙ ОБЫСК И СВИДАНИЕ
10.10, 17.00 HIT CHART
10.35 СВАДЕБНЫЙ ПЕРЕПОЛОХ
11.00 ПРОВЕРКА СЛУХОВ
11.55 М/С «ГУБКА БОБ»
12.25 DANCE CHART
13.25 ШОУ-РУМ
14.00, 21.00 ПРОЕКТ «ПОДИУМ»
14.55 УЖЕ МОЖНО
15.45 КРАСОТА НАИЗНАНКУ
16.35 ТАЧКУ НА ПРОКАЧКУ
17.25 NEWS БЛОК
17.55 Т/С «УНИВЕРСИТЕТ»
18.50 ЛЮБИТЬ ИЛИ ЗАБИТЬ?
19.15 LIVE IN TELE-CLUB
19.40 СЛЕДУЮЩИЙ
20.05 КРАСОТА НАИЗНАНКУ
21.55 Т/С «КЛИНИКА»
22.50 Т/С «МЕНЯ ЗОВУТ ЭРЛ»
00.00 РЕНАВ
ТЕЛЕКОМПАНИЯ
АТН
5.50, 13.45, 21.20, 01.50, 04.00 «ДЕЙСТВУЮЩИЕ ЛИЦА»
6.00 «СОБЫТИЯ»
7.00 «ХОРОШЕЕ НАСТРОЕНИЕ»
8.25, 00.50 «СКИДКА.РУ»
8.30 НОВОСТИ ТАУ
10.00, 11.00, 12.00, 13.00, 14.00, 15.00, 16.00, 17.30 «СОБЫТИЯ»
10.05 «СОБЫТИЯ УрФО»
10.35 «НАША УСАДЬБА»
11.15, 14.45, 16.10, 16.45 «ЗДОРОВЬЕ НАЦИИ»
13.15 «КАБИНЕТ МИНИСТРОВ»
14.30, 15.30 СОБЫТИЯ ТАУ
15.10 «КОМУ ОТЛИЧНЫЙ РЕМОНТ?!»
15.40 «ЮВЕЛИРНАЯ ПРОГРАММА»
16.30 «БИЛЬЯРД УРАЛА»
17.00 ВСЕ О ЗАГОРОДНОЙ ЖИЗНИ
17.40 «15 МИНУТ О ФИТНЕСЕ»
18.20 «ШЕСТАЯ ГРАФА»
19.00 ВОЛЕЙБОЛ. РОССИЯ - БЕЛАРУСЬ
21.30, 00.55 НОВОСТИ ТАУ
22.30, 00.55 «АВТОБАН»
23.45 «СОБЫТИЯ УрФО»
00.35 «КОЛЕСА-БЛИЦ»
04.10 ДОКУМ. ФИЛЬМЫ
5
6.00 ДОКУМ. ФИЛЬМЫ
8.00, 11.00 СЕЙЧАС
8.20 Х/Ф «СЕНТИМЕНТАЛЬНОЕ ПУТЕШЕСТВИЕ НА КАРТОШКУ»
9.55 ДОКУМ. ФИЛЬМ
11.20 ДОКУМ. ФИЛЬМЫ
15.00 СЕЙЧАС
15.20 ДОКУМ. ФИЛЬМЫ
17.00 ОТКРЫТАЯ СТУДИЯ
18.00 ПРОГРАММА ПЕРЕДАЧ СВЕТЛАНЫ СОРОКИНОЙ
19.00, 22.00 СЕЙЧАС
19.30 РЕАЛЬНЫЙ МИР
20.00 ДОКУМ. ФИЛЬМ
21.00 СВОБОДА МЫСЛИ
22.30 Х/Ф «СКРЫТАЯ УГРОЗА»
00.20 НОЧЬ НА ПЯТОМ
00.50 Х/Ф «ДЕВУШКА МОЕГО ЛУЧШЕГО ДРУГА»
02.50 ДОКУМ. ФИЛЬМЫ
ЦТУ ТВ3
6.00 МУЛЬТФИЛЬМЫ
7.00 РАЗРУШИТЕЛИ МИФОВ
8.00, 15.00 Т/С «АЛЬФ»
9.00 УПС!
10.00, 16.00 Т/С «ЧЕЛОВЕК-НЕВИДИМКА»
11.00 Т/С «ЗАТЕРЯННЫЙ МИР»
12.00 ДОКУМ. ФИЛЬМ
14.00 Т/С «ЗА ГРАНЬЮ ВОЗМОЖНОГО»
17.00 Т/С «ЗАТЕРЯННЫЙ МИР»
18.00 Т/С «ЗА ГРАНЬЮ ВОЗМОЖНОГО»
19.00 ДОКУМ. ФИЛЬМ
20.00 Т/С «КОСТИ»
21.00 РЕАЛЬНОСТЬ ИЛИ ФАНТАСТИКА
22.00 Х/Ф «ПОСЛЕДНИЙ ЛЕГИОН»
00.00 Т/С «ЗВЕЗДНЫЙ КОРАБЛЬ ГАЛАКТИКА»
01.00 ДОКУМ. ФИЛЬМ
02.00 Х/Ф «УБЕЖИЩЕ»
04.00 Т/С «БАФФИ - ИСТРЕБИТЕЛЬНИЦА ВАМПИРОВ»
05.00 Т/С «ЭКСПЕРТЫ»
